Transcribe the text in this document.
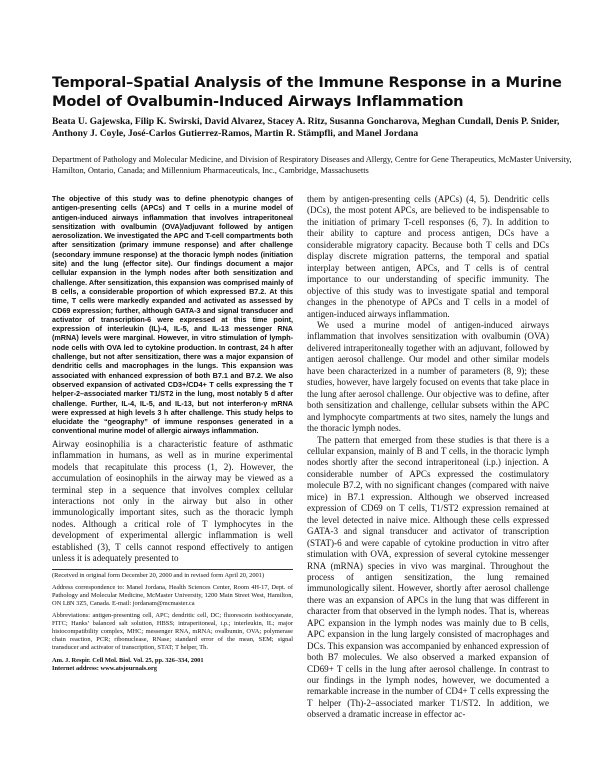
Temporal–Spatial Analysis of the Immune Response in a Murine Model of Ovalbumin-Induced Airways Inflammation
Beata U. Gajewska, Filip K. Swirski, David Alvarez, Stacey A. Ritz, Susanna Goncharova, Meghan Cundall, Denis P. Snider, Anthony J. Coyle, José-Carlos Gutierrez-Ramos, Martin R. Stämpfli, and Manel Jordana
Department of Pathology and Molecular Medicine, and Division of Respiratory Diseases and Allergy, Centre for Gene Therapeutics, McMaster University, Hamilton, Ontario, Canada; and Millennium Pharmaceuticals, Inc., Cambridge, Massachusetts

The objective of this study was to define phenotypic changes of antigen-presenting cells (APCs) and T cells in a murine model of antigen-induced airways inflammation that involves intraperitoneal sensitization with ovalbumin (OVA)/adjuvant followed by antigen aerosolization. We investigated the APC and T-cell compartments both after sensitization (primary immune response) and after challenge (secondary immune response) at the thoracic lymph nodes (initiation site) and the lung (effector site). Our findings document a major cellular expansion in the lymph nodes after both sensitization and challenge. After sensitization, this expansion was comprised mainly of B cells, a considerable proportion of which expressed B7.2. At this time, T cells were markedly expanded and activated as assessed by CD69 expression; further, although GATA-3 and signal transducer and activator of transcription-6 were expressed at this time point, expression of interleukin (IL)-4, IL-5, and IL-13 messenger RNA (mRNA) levels were marginal. However, in vitro stimulation of lymph-node cells with OVA led to cytokine production. In contrast, 24 h after challenge, but not after sensitization, there was a major expansion of dendritic cells and macrophages in the lungs. This expansion was associated with enhanced expression of both B7.1 and B7.2. We also observed expansion of activated CD3+/CD4+ T cells expressing the T helper-2–associated marker T1/ST2 in the lung, most notably 5 d after challenge. Further, IL-4, IL-5, and IL-13, but not interferon-γ mRNA were expressed at high levels 3 h after challenge. This study helps to elucidate the “geography” of immune responses generated in a conventional murine model of allergic airways inflammation.

Airway eosinophilia is a characteristic feature of asthmatic inflammation in humans, as well as in murine experimental models that recapitulate this process (1, 2). However, the accumulation of eosinophils in the airway may be viewed as a terminal step in a sequence that involves complex cellular interactions not only in the airway but also in other immunologically important sites, such as the thoracic lymph nodes. Although a critical role of T lymphocytes in the development of experimental allergic inflammation is well established (3), T cells cannot respond effectively to antigen unless it is adequately presented to

(Received in original form December 20, 2000 and in revised form April 20, 2001)

Address correspondence to: Manel Jordana, Health Sciences Center, Room 4H-17, Dept. of Pathology and Molecular Medicine, McMaster University, 1200 Main Street West, Hamilton, ON L8N 3Z5, Canada. E-mail: jordanam@mcmaster.ca

Abbreviations: antigen-presenting cell, APC; dendritic cell, DC; fluorescein isothiocyanate, FITC; Hanks’ balanced salt solution, HBSS; intraperitoneal, i.p.; interleukin, IL; major histocompatibility complex, MHC; messenger RNA, mRNA; ovalbumin, OVA; polymerase chain reaction, PCR; ribonuclease, RNase; standard error of the mean, SEM; signal transducer and activator of transcription, STAT; T helper, Th.

Am. J. Respir. Cell Mol. Biol. Vol. 25, pp. 326–334, 2001

Internet address: www.atsjournals.org

them by antigen-presenting cells (APCs) (4, 5). Dendritic cells (DCs), the most potent APCs, are believed to be indispensable to the initiation of primary T-cell responses (6, 7). In addition to their ability to capture and process antigen, DCs have a considerable migratory capacity. Because both T cells and DCs display discrete migration patterns, the temporal and spatial interplay between antigen, APCs, and T cells is of central importance to our understanding of specific immunity. The objective of this study was to investigate spatial and temporal changes in the phenotype of APCs and T cells in a model of antigen-induced airways inflammation.

We used a murine model of antigen-induced airways inflammation that involves sensitization with ovalbumin (OVA) delivered intraperitoneally together with an adjuvant, followed by antigen aerosol challenge. Our model and other similar models have been characterized in a number of parameters (8, 9); these studies, however, have largely focused on events that take place in the lung after aerosol challenge. Our objective was to define, after both sensitization and challenge, cellular subsets within the APC and lymphocyte compartments at two sites, namely the lungs and the thoracic lymph nodes.

The pattern that emerged from these studies is that there is a cellular expansion, mainly of B and T cells, in the thoracic lymph nodes shortly after the second intraperitoneal (i.p.) injection. A considerable number of APCs expressed the costimulatory molecule B7.2, with no significant changes (compared with naive mice) in B7.1 expression. Although we observed increased expression of CD69 on T cells, T1/ST2 expression remained at the level detected in naive mice. Although these cells expressed GATA-3 and signal transducer and activator of transcription (STAT)-6 and were capable of cytokine production in vitro after stimulation with OVA, expression of several cytokine messenger RNA (mRNA) species in vivo was marginal. Throughout the process of antigen sensitization, the lung remained immunologically silent. However, shortly after aerosol challenge there was an expansion of APCs in the lung that was different in character from that observed in the lymph nodes. That is, whereas APC expansion in the lymph nodes was mainly due to B cells, APC expansion in the lung largely consisted of macrophages and DCs. This expansion was accompanied by enhanced expression of both B7 molecules. We also observed a marked expansion of CD69+ T cells in the lung after aerosol challenge. In contrast to our findings in the lymph nodes, however, we documented a remarkable increase in the number of CD4+ T cells expressing the T helper (Th)-2–associated marker T1/ST2. In addition, we observed a dramatic increase in effector ac-
